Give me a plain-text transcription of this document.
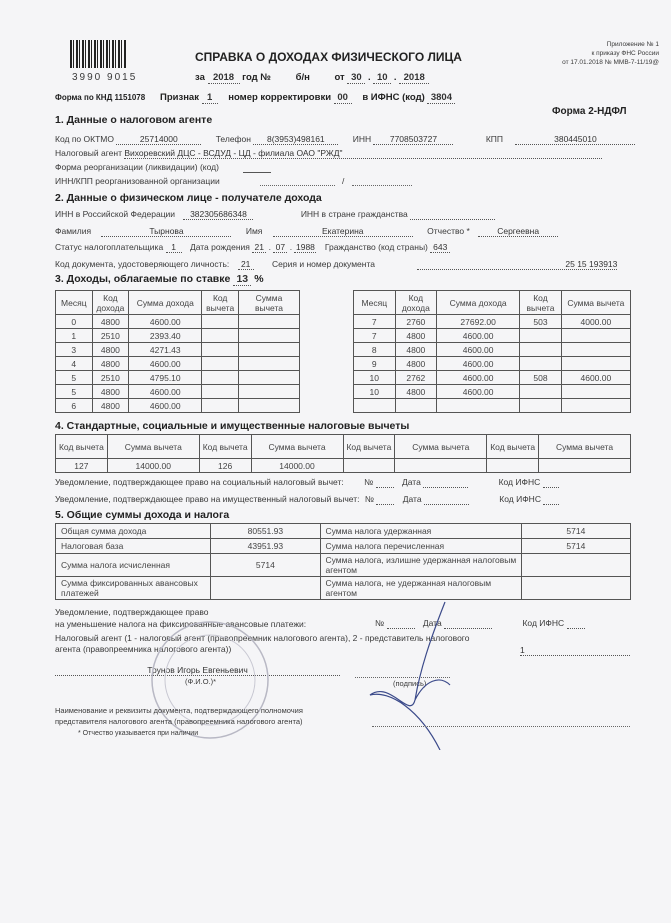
3990 9015
СПРАВКА О ДОХОДАХ ФИЗИЧЕСКОГО ЛИЦА
Приложение № 1
к приказу ФНС России
от 17.01.2018 № ММВ-7-11/19@
за 2018 год №	б/н	от 30 . 10 . 2018
Форма по КНД 1151078 Признак 1 номер корректировки 00 в ИФНС (код) 3804
Форма 2-НДФЛ
1. Данные о налоговом агенте
Код по ОКТМО	25714000	Телефон 8(3953)498161	ИНН 7708503727	КПП	380445010
Налоговый агент Вихоревский ДЦС - ВСДУД - ЦД - филиала ОАО "РЖД"
Форма реорганизации (ликвидации) (код)
ИНН/КПП реорганизованной организации	/
2. Данные о физическом лице - получателе дохода
ИНН в Российской Федерации 382305686348	ИНН в стране гражданства
Фамилия	Тырнова	Имя	Екатерина	Отчество *	Сергеевна
Статус налогоплательщика 1 Дата рождения 21 . 07 . 1988 Гражданство (код страны) 643
Код документа, удостоверяющего личность: 21	Серия и номер документа	25 15 193913
3. Доходы, облагаемые по ставке 13 %
Месяц	Код дохода	Сумма дохода	Код вычета	Сумма вычета
0	4800	4600.00		
1	2510	2393.40		
3	4800	4271.43		
4	4800	4600.00		
5	2510	4795.10		
5	4800	4600.00		
6	4800	4600.00		
Месяц	Код дохода	Сумма дохода	Код вычета	Сумма вычета
7	2760	27692.00	503	4000.00
7	4800	4600.00		
8	4800	4600.00		
9	4800	4600.00		
10	2762	4600.00	508	4600.00
10	4800	4600.00		

4. Стандартные, социальные и имущественные налоговые вычеты
Код вычета	Сумма вычета	Код вычета	Сумма вычета	Код вычета	Сумма вычета	Код вычета	Сумма вычета
127	14000.00	126	14000.00				
Уведомление, подтверждающее право на социальный налоговый вычет: №	Дата	Код ИФНС
Уведомление, подтверждающее право на имущественный налоговый вычет: №	Дата	Код ИФНС
5. Общие суммы дохода и налога
Общая сумма дохода	80551.93	Сумма налога удержанная	5714
Налоговая база	43951.93	Сумма налога перечисленная	5714
Сумма налога исчисленная	5714	Сумма налога, излишне удержанная налоговым агентом	
Сумма фиксированных авансовых платежей		Сумма налога, не удержанная налоговым агентом	
Уведомление, подтверждающее право
на уменьшение налога на фиксированные авансовые платежи:	№	Дата	Код ИФНС
Налоговый агент (1 - налоговый агент (правопреемник налогового агента), 2 - представитель налогового
агента (правопреемника налогового агента))	1
Трунов Игорь Евгеньевич
(Ф.И.О.)*	(подпись)
Наименование и реквизиты документа, подтверждающего полномочия
представителя налогового агента (правопреемника налогового агента)
* Отчество указывается при наличии
